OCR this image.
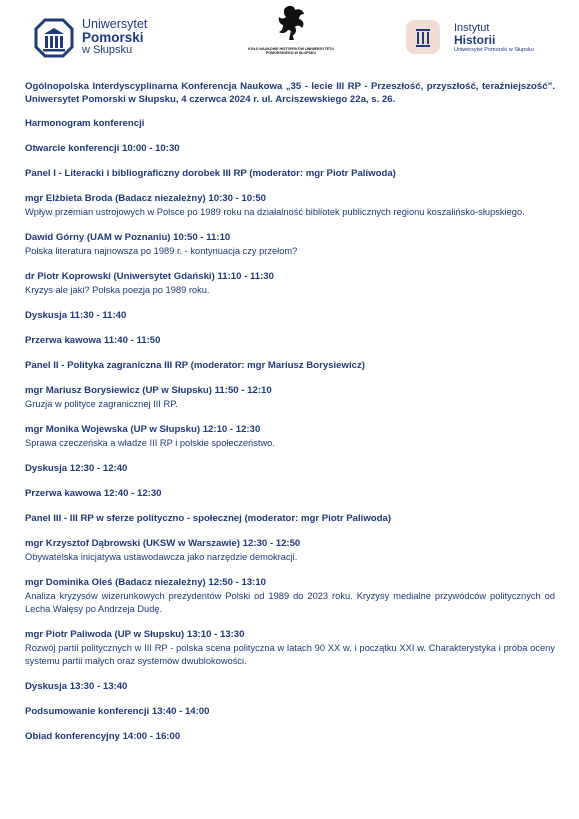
Uniwersytet
Pomorski
w Słupsku	KOŁO NAUKOWE HISTORYKÓW UNIWERSYTETU POMORSKIEGO W SŁUPSKU
Instytut
Historii
Uniwersytet Pomorski w Słupsku

Ogólnopolska Interdyscyplinarna Konferencja Naukowa „35 - lecie III RP - Przeszłość, przyszłość, teraźniejszość”. Uniwersytet Pomorski w Słupsku, 4 czerwca 2024 r. ul. Arciszewskiego 22a, s. 26.

Harmonogram konferencji
Otwarcie konferencji 10:00 - 10:30
Panel I - Literacki i bibliograficzny dorobek III RP (moderator: mgr Piotr Paliwoda)
mgr Elżbieta Broda (Badacz niezależny) 10:30 - 10:50
Wpływ przemian ustrojowych w Polsce po 1989 roku na działalność bibliotek publicznych regionu koszalińsko-słupskiego.
Dawid Górny (UAM w Poznaniu) 10:50 - 11:10
Polska literatura najnowsza po 1989 r. - kontynuacja czy przełom?
dr Piotr Koprowski (Uniwersytet Gdański) 11:10 - 11:30
Kryzys ale jaki? Polska poezja po 1989 roku.
Dyskusja 11:30 - 11:40
Przerwa kawowa 11:40 - 11:50
Panel II - Polityka zagraniczna III RP (moderator: mgr Mariusz Borysiewicz)
mgr Mariusz Borysiewicz (UP w Słupsku) 11:50 - 12:10
Gruzja w polityce zagranicznej III RP.
mgr Monika Wojewska (UP w Słupsku) 12:10 - 12:30
Sprawa czeczeńska a władze III RP i polskie społeczeństwo.
Dyskusja 12:30 - 12:40
Przerwa kawowa 12:40 - 12:30
Panel III - III RP w sferze polityczno - społecznej (moderator: mgr Piotr Paliwoda)
mgr Krzysztof Dąbrowski (UKSW w Warszawie) 12:30 - 12:50
Obywatelska inicjatywa ustawodawcza jako narzędzie demokracji.
mgr Dominika Oleś (Badacz niezależny) 12:50 - 13:10
Analiza kryzysów wizerunkowych prezydentów Polski od 1989 do 2023 roku. Kryzysy medialne przywódców politycznych od Lecha Wałęsy po Andrzeja Dudę.
mgr Piotr Paliwoda (UP w Słupsku) 13:10 - 13:30
Rozwój partii politycznych w III RP - polska scena polityczna w latach 90 XX w. i początku XXI w. Charakterystyka i próba oceny systemu partii małych oraz systemów dwublokowości.
Dyskusja 13:30 - 13:40
Podsumowanie konferencji 13:40 - 14:00
Obiad konferencyjny 14:00 - 16:00
